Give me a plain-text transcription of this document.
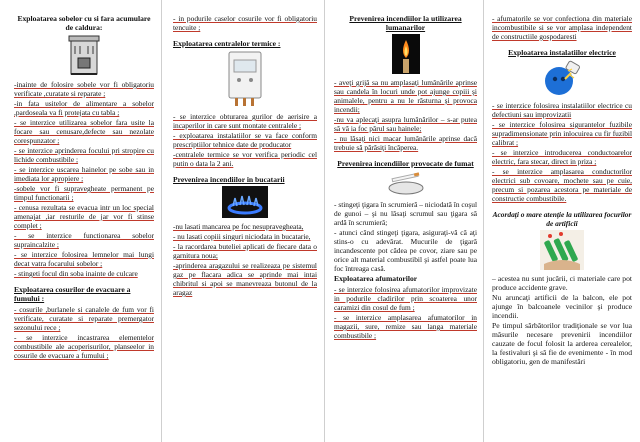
Exploatarea sobelor cu si fara acumulare de caldura:

-inainte de folosire sobele vor fi obligatoriu verificate ,curatate si reparate ;

-in fata usitelor de alimentare a sobelor ,pardoseala va fi protejata cu tabla ;

- se interzice utilizarea sobelor fara usite la focare sau cenusare,defecte sau nezolate corespunzator ;

- se interzice aprinderea focului pri stropire cu lichide combustibile ;

- se interzice uscarea hainelor pe sobe sau in imediata lor apropiere ;

-sobele vor fi supravegheate permanent pe timpul functionarii ;

- cenusa rezultata se evacua intr un loc special amenajat ,iar resturile de jar vor fi stinse complet ;

- se interzice functionarea sobelor supraincalzite ;

- se interzice folosirea lemnelor mai lungi decat vatra focarului sobelor ;

- stingeti focul din soba inainte de culcare

Exploatarea cosurilor de evacuare a fumului :

- cosurile ,burlanele si canalele de fum vor fi verificate, curatate si reparate premergator sezonului rece ;

- se interzice incastrarea elementelor combustibile ale acoperisurilor, planseelor in cosurile de evacuare a fumului ;

- in podurile caselor cosurile vor fi obligatoriu tencuite ;

Exploatarea centralelor termice :

- se interzice obturarea gurilor de aerisire a incaperilor in care sunt montate centralele ;

- exploatarea instalatiilor se va face conform prescriptiilor tehnice date de producator

-centralele termice se vor verifica periodic cel putin o data la 2 ani.

Prevenirea incendiilor in bucatarii

-nu lasati mancarea pe foc nesupravegheata,

- nu lasati copiii singuri niciodata in bucatarie,

- la racordarea buteliei aplicati de fiecare data o garnitura noua;

-aprinderea aragazului se realizeaza pe sistemul gaz pe flacara adica se aprinde mai intai chibritul si apoi se manevreaza butonul de la aragaz

Prevenirea incendiilor la utilizarea lumanarilor

- aveţi grijă sa nu amplasaţi lumânările aprinse sau candela în locuri unde pot ajunge copiii şi animalele, pentru a nu le răsturna şi provoca incendii;

-nu va aplecaţi asupra lumânărilor – s-ar putea să vă ia foc părul sau hainele;

- nu lăsaţi nici macar lumânările aprinse dacă trebuie să părăsiţi încăperea.

Prevenirea incendiilor provocate de fumat

- stingeţi ţigara în scrumieră – niciodată în coşul de gunoi – şi nu lăsaţi scrumul sau ţigara să ardă în scrumieră;

- atunci când stingeţi ţigara, asiguraţi-vă că aţi stins-o cu adevărat. Mucurile de ţigară incandescente pot cădea pe covor, ziare sau pe orice alt material combustibil şi astfel poate lua foc întreaga casă.

Exploatarea afumatorilor

- se interzice folosirea afumatorilor improvizate in podurile cladirilor prin scoaterea unor caramizi din cosul de fum ;

- se interzice amplasarea afumatorilor in magazii, sure, remize sau langa materiale combustibile ;

- afumatorile se vor confectiona din materiale incombustibile si se vor amplasa independent de constructiile gospodaresti

Exploatarea instalatiilor electrice

- se interzice folosirea instalatiilor electrice cu defectiuni sau improvizatii

- se interzice folosirea sigurantelor fuzibile supradimensionate prin inlocuirea cu fir fuzibil calibrat ;

- se interzice introducerea conductoarelor electric, fara stecar, direct in priza ;

- se interzice amplasarea conductorilor electrici sub covoare, mochete sau pe cuie, precum si pozarea acestora pe materiale de constructie combustibile.

Acordaţi o mare atenţie la utilizarea focurilor de artificii

– acestea nu sunt jucării, ci materiale care pot produce accidente grave.

Nu aruncaţi artificii de la balcon, ele pot ajunge în balcoanele vecinilor şi produce incendii.

Pe timpul sărbătorilor tradiţionale se vor lua măsurile necesare prevenirii incendiilor cauzate de focul folosit la arderea cerealelor, la festivaluri şi să fie de evenimente - în mod obligatoriu, gen de manifestări
